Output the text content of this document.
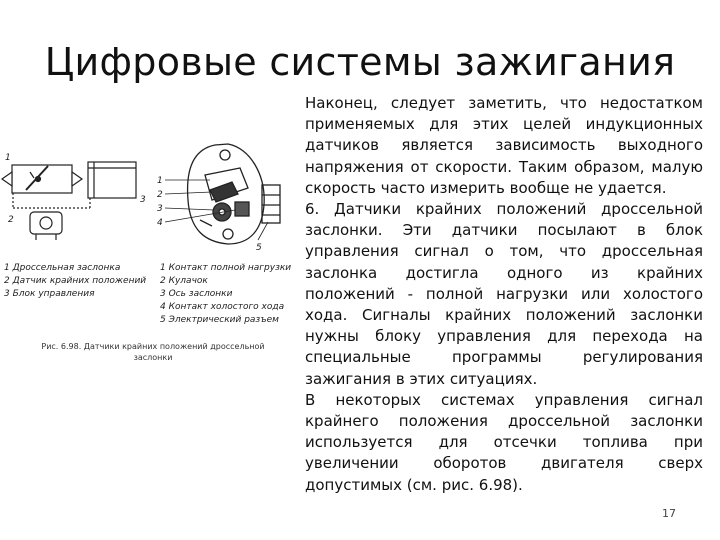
Цифровые системы зажигания
1
2
3
1
2
3
4
5
1 Дроссельная заслонка
2 Датчик крайних положений
3 Блок управления
1 Контакт полной нагрузки
2 Кулачок
3 Ось заслонки
4 Контакт холостого хода
5 Электрический разъем
Рис. 6.98. Датчики крайних положений дроссельной заслонки

Наконец, следует заметить, что недостатком применяемых для этих целей индукционных датчиков является зависимость выходного напряжения от скорости. Таким образом, малую скорость часто измерить вообще не удается.

6. Датчики крайних положений дроссельной заслонки. Эти датчики посылают в блок управления сигнал о том, что дроссельная заслонка достигла одного из крайних положений - полной нагрузки или холостого хода. Сигналы крайних положений заслонки нужны блоку управления для перехода на специальные программы регулирования зажигания в этих ситуациях.

В некоторых системах управления сигнал крайнего положения дроссельной заслонки используется для отсечки топлива при увеличении оборотов двигателя сверх допустимых (см. рис. 6.98).

17
